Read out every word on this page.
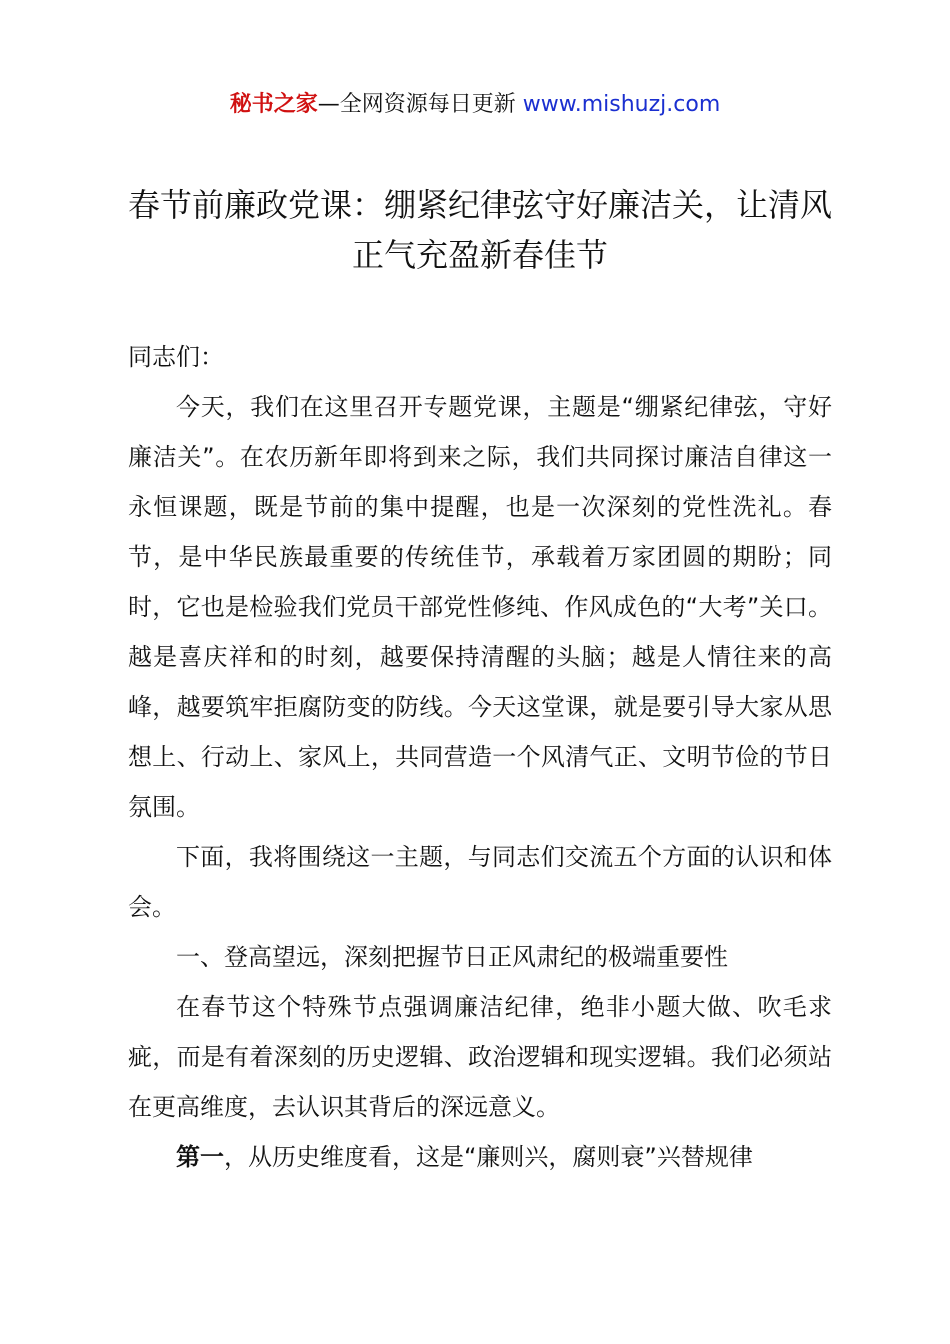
秘书之家—全网资源每日更新 www.mishuzj.com
春节前廉政党课：绷紧纪律弦守好廉洁关，让清风正气充盈新春佳节

同志们：

今天，我们在这里召开专题党课，主题是“绷紧纪律弦，守好廉洁关”。在农历新年即将到来之际，我们共同探讨廉洁自律这一永恒课题，既是节前的集中提醒，也是一次深刻的党性洗礼。春节，是中华民族最重要的传统佳节，承载着万家团圆的期盼；同时，它也是检验我们党员干部党性修纯、作风成色的“大考”关口。越是喜庆祥和的时刻，越要保持清醒的头脑；越是人情往来的高峰，越要筑牢拒腐防变的防线。今天这堂课，就是要引导大家从思想上、行动上、家风上，共同营造一个风清气正、文明节俭的节日氛围。

下面，我将围绕这一主题，与同志们交流五个方面的认识和体会。

一、登高望远，深刻把握节日正风肃纪的极端重要性

在春节这个特殊节点强调廉洁纪律，绝非小题大做、吹毛求疵，而是有着深刻的历史逻辑、政治逻辑和现实逻辑。我们必须站在更高维度，去认识其背后的深远意义。

第一，从历史维度看，这是“廉则兴，腐则衰”兴替规律
